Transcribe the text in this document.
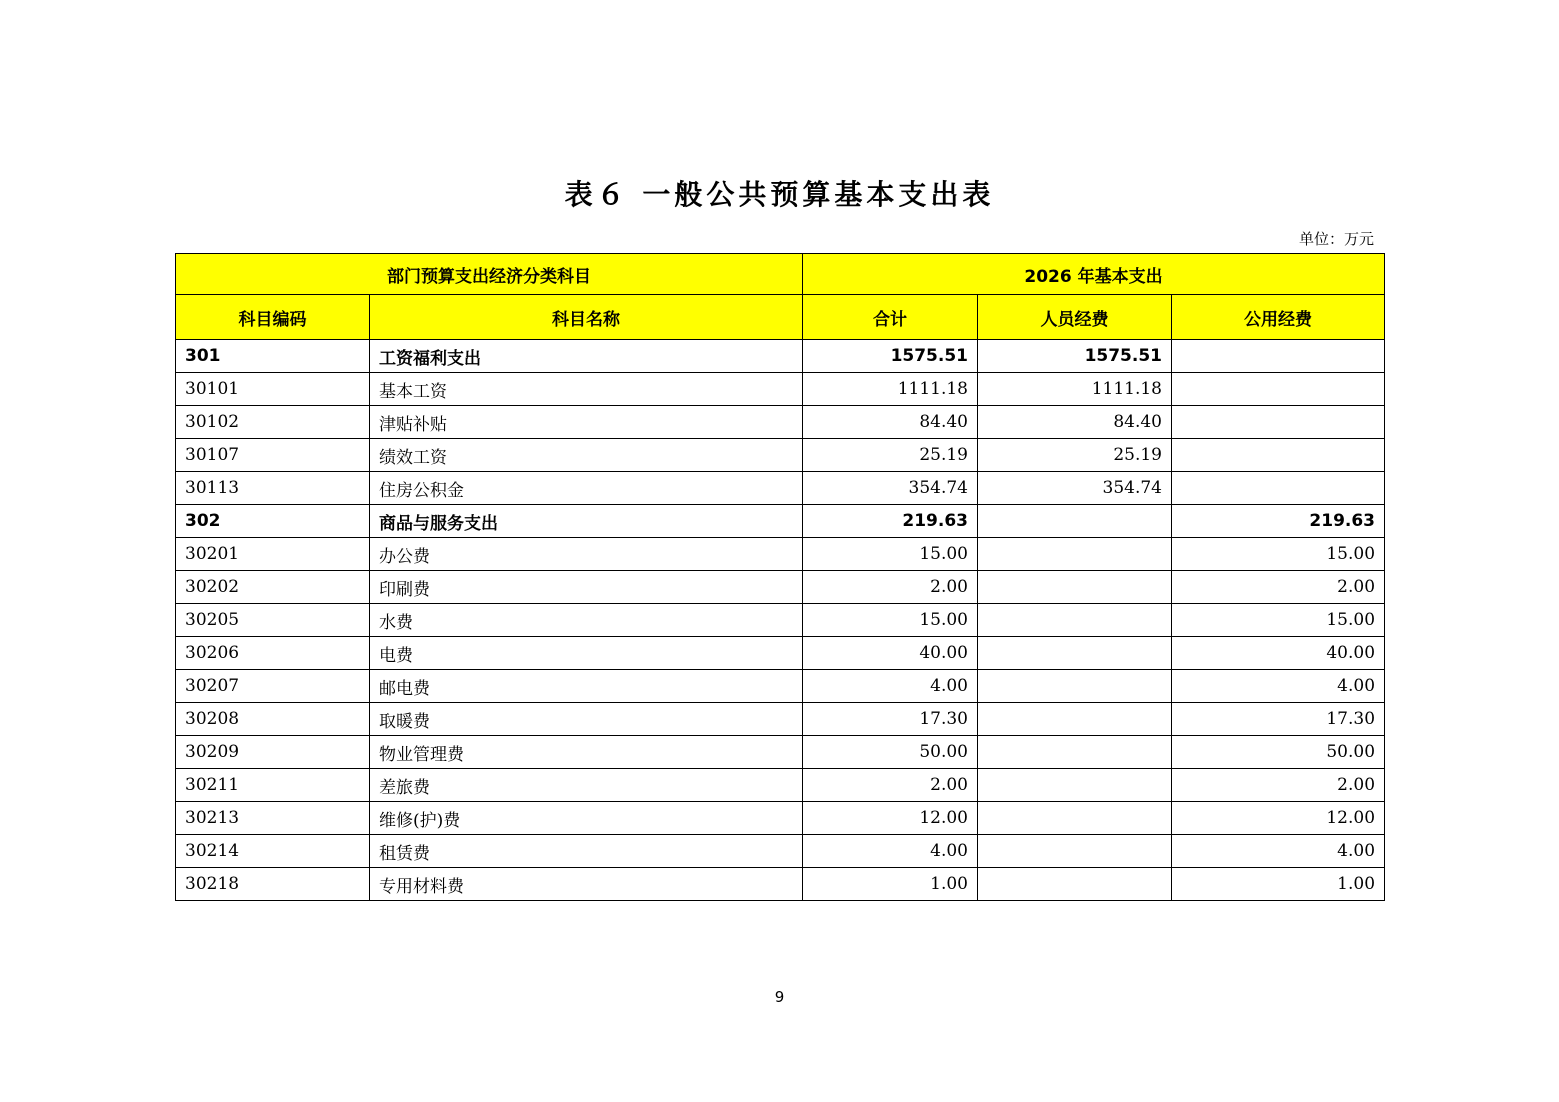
表６ 一般公共预算基本支出表
单位：万元
部门预算支出经济分类科目		2026 年基本支出		
科目编码	科目名称	合计	人员经费	公用经费
301	工资福利支出	1575.51	1575.51	
30101	基本工资	1111.18	1111.18	
30102	津贴补贴	84.40	84.40	
30107	绩效工资	25.19	25.19	
30113	住房公积金	354.74	354.74	
302	商品与服务支出	219.63		219.63
30201	办公费	15.00		15.00
30202	印刷费	2.00		2.00
30205	水费	15.00		15.00
30206	电费	40.00		40.00
30207	邮电费	4.00		4.00
30208	取暖费	17.30		17.30
30209	物业管理费	50.00		50.00
30211	差旅费	2.00		2.00
30213	维修(护)费	12.00		12.00
30214	租赁费	4.00		4.00
30218	专用材料费	1.00		1.00
9
